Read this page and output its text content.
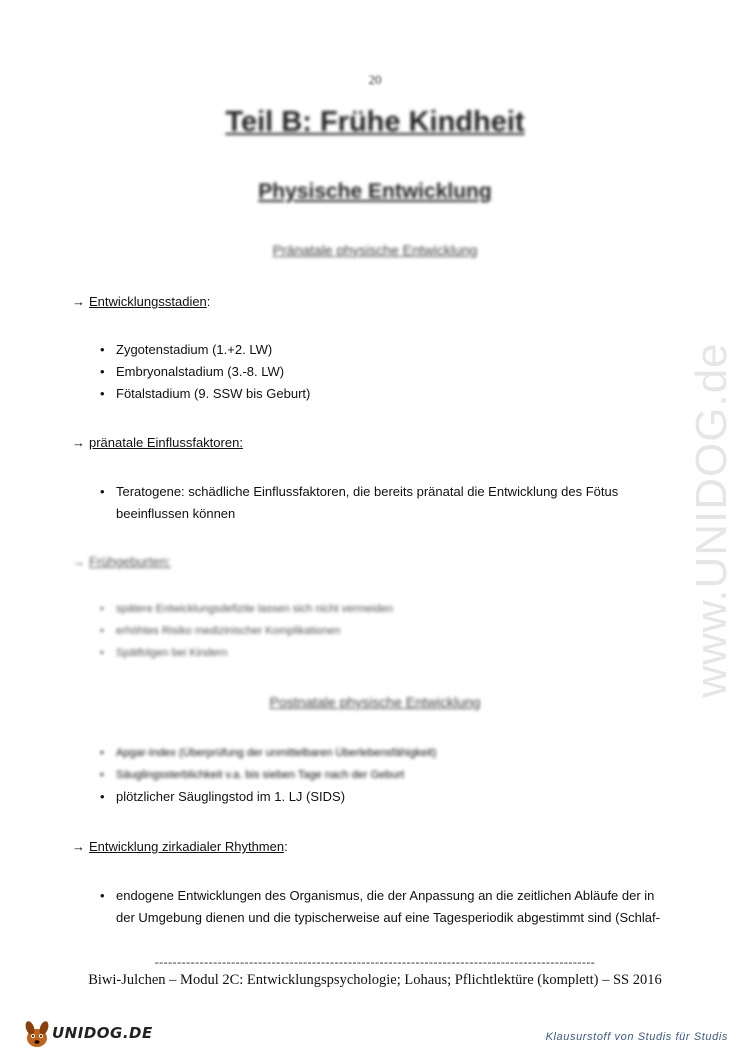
www.UNIDOG.de
20
Teil B: Frühe Kindheit
Physische Entwicklung
Pränatale physische Entwicklung
→ Entwicklungsstadien:
• Zygotenstadium (1.+2. LW)
• Embryonalstadium (3.-8. LW)
• Fötalstadium (9. SSW bis Geburt)
→ pränatale Einflussfaktoren:
• Teratogene: schädliche Einflussfaktoren, die bereits pränatal die Entwicklung des Fötus beeinflussen können
→ Frühgeburten:
• spätere Entwicklungsdefizite lassen sich nicht vermeiden
• erhöhtes Risiko medizinischer Komplikationen
• Spätfolgen bei Kindern
Postnatale physische Entwicklung
• Apgar-Index (Überprüfung der unmittelbaren Überlebensfähigkeit)
• Säuglingssterblichkeit v.a. bis sieben Tage nach der Geburt
• plötzlicher Säuglingstod im 1. LJ (SIDS)
→ Entwicklung zirkadialer Rhythmen:
• endogene Entwicklungen des Organismus, die der Anpassung an die zeitlichen Abläufe der in der Umgebung dienen und die typischerweise auf eine Tagesperiodik abgestimmt sind (Schlaf-
--------------------------------------------------------------------------------------------------
Biwi-Julchen – Modul 2C: Entwicklungspsychologie; Lohaus; Pflichtlektüre (komplett) – SS 2016
UNIDOG.DE	Klausurstoff von Studis für Studis
